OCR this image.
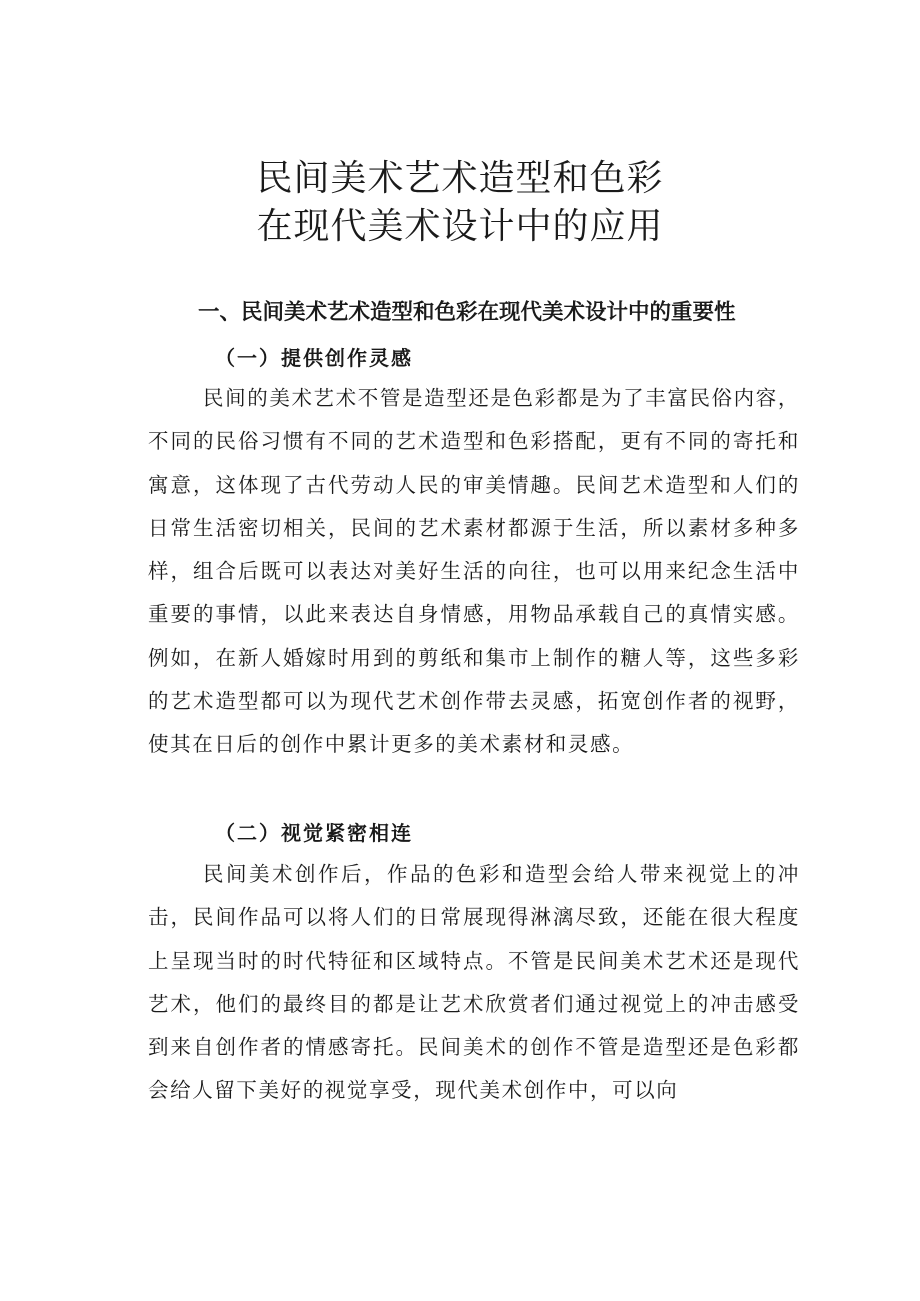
民间美术艺术造型和色彩
在现代美术设计中的应用
一、民间美术艺术造型和色彩在现代美术设计中的重要性
（一）提供创作灵感

民间的美术艺术不管是造型还是色彩都是为了丰富民俗内容，不同的民俗习惯有不同的艺术造型和色彩搭配，更有不同的寄托和寓意，这体现了古代劳动人民的审美情趣。民间艺术造型和人们的日常生活密切相关，民间的艺术素材都源于生活，所以素材多种多样，组合后既可以表达对美好生活的向往，也可以用来纪念生活中重要的事情，以此来表达自身情感，用物品承载自己的真情实感。例如，在新人婚嫁时用到的剪纸和集市上制作的糖人等，这些多彩的艺术造型都可以为现代艺术创作带去灵感，拓宽创作者的视野，使其在日后的创作中累计更多的美术素材和灵感。

（二）视觉紧密相连

民间美术创作后，作品的色彩和造型会给人带来视觉上的冲击，民间作品可以将人们的日常展现得淋漓尽致，还能在很大程度上呈现当时的时代特征和区域特点。不管是民间美术艺术还是现代艺术，他们的最终目的都是让艺术欣赏者们通过视觉上的冲击感受到来自创作者的情感寄托。民间美术的创作不管是造型还是色彩都会给人留下美好的视觉享受，现代美术创作中，可以向
